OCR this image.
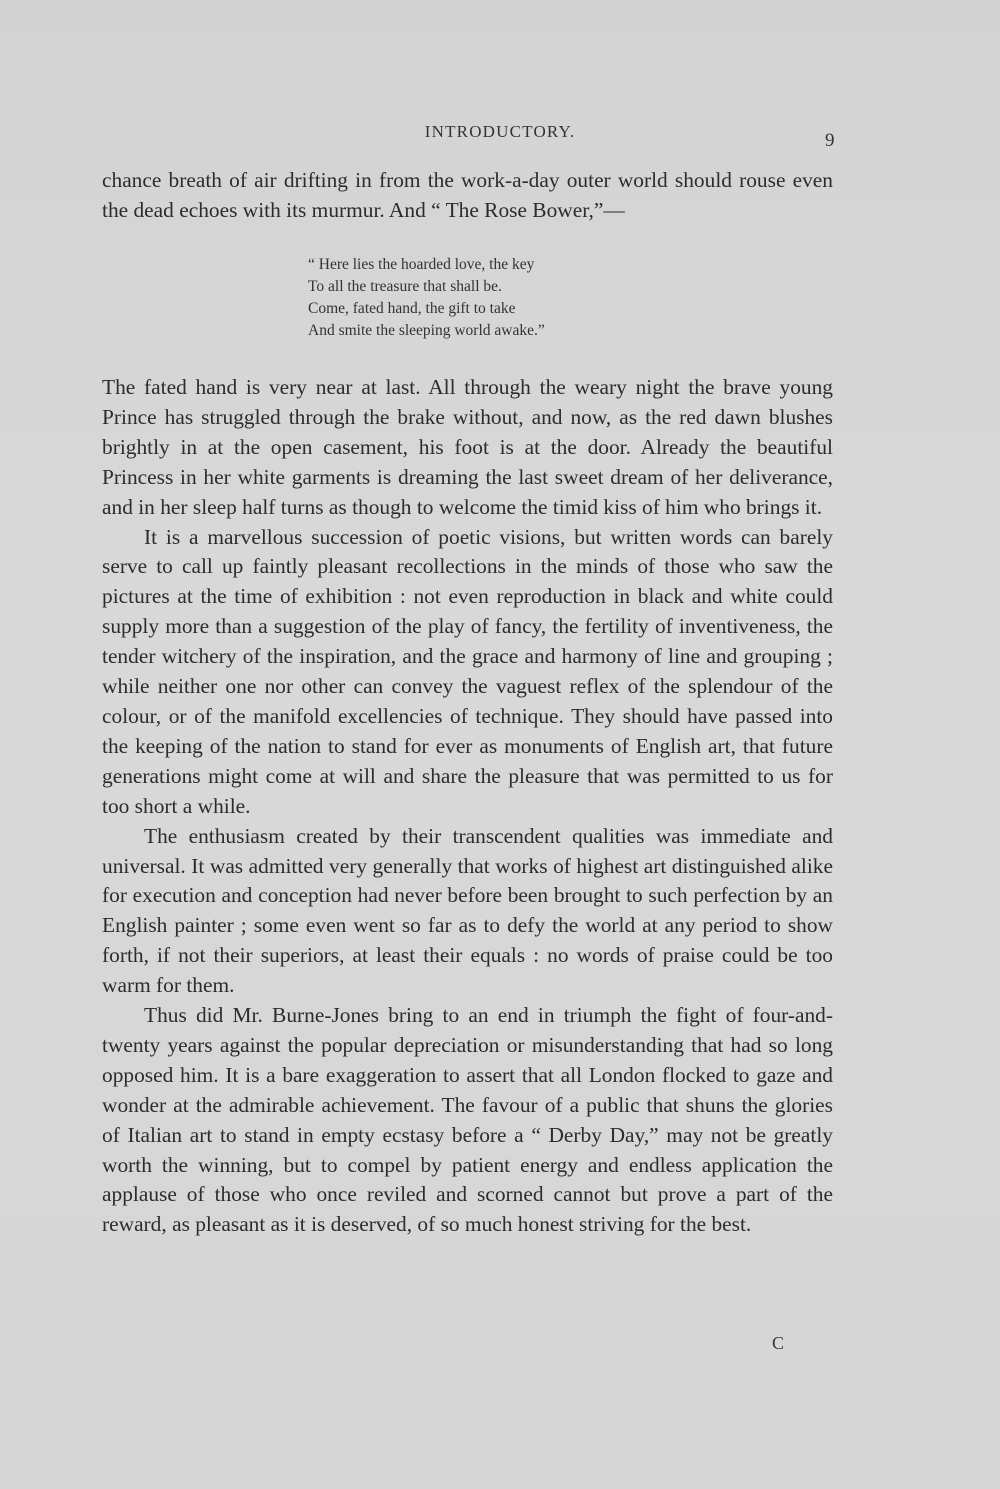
INTRODUCTORY.	9

chance breath of air drifting in from the work-a-day outer world should rouse even the dead echoes with its murmur. And “ The Rose Bower,”—

“ Here lies the hoarded love, the key
To all the treasure that shall be.
Come, fated hand, the gift to take
And smite the sleeping world awake.”

The fated hand is very near at last. All through the weary night the brave young Prince has struggled through the brake without, and now, as the red dawn blushes brightly in at the open casement, his foot is at the door. Already the beautiful Princess in her white garments is dreaming the last sweet dream of her deliverance, and in her sleep half turns as though to welcome the timid kiss of him who brings it.

It is a marvellous succession of poetic visions, but written words can barely serve to call up faintly pleasant recollections in the minds of those who saw the pictures at the time of exhibition : not even reproduction in black and white could supply more than a suggestion of the play of fancy, the fertility of inventiveness, the tender witchery of the inspiration, and the grace and harmony of line and grouping ; while neither one nor other can convey the vaguest reflex of the splendour of the colour, or of the manifold excellencies of technique. They should have passed into the keeping of the nation to stand for ever as monuments of English art, that future generations might come at will and share the pleasure that was permitted to us for too short a while.

The enthusiasm created by their transcendent qualities was immediate and universal. It was admitted very generally that works of highest art distinguished alike for execution and conception had never before been brought to such perfection by an English painter ; some even went so far as to defy the world at any period to show forth, if not their superiors, at least their equals : no words of praise could be too warm for them.

Thus did Mr. Burne-Jones bring to an end in triumph the fight of four-and-twenty years against the popular depreciation or misunderstanding that had so long opposed him. It is a bare exaggeration to assert that all London flocked to gaze and wonder at the admirable achievement. The favour of a public that shuns the glories of Italian art to stand in empty ecstasy before a “ Derby Day,” may not be greatly worth the winning, but to compel by patient energy and endless application the applause of those who once reviled and scorned cannot but prove a part of the reward, as pleasant as it is deserved, of so much honest striving for the best.

C
